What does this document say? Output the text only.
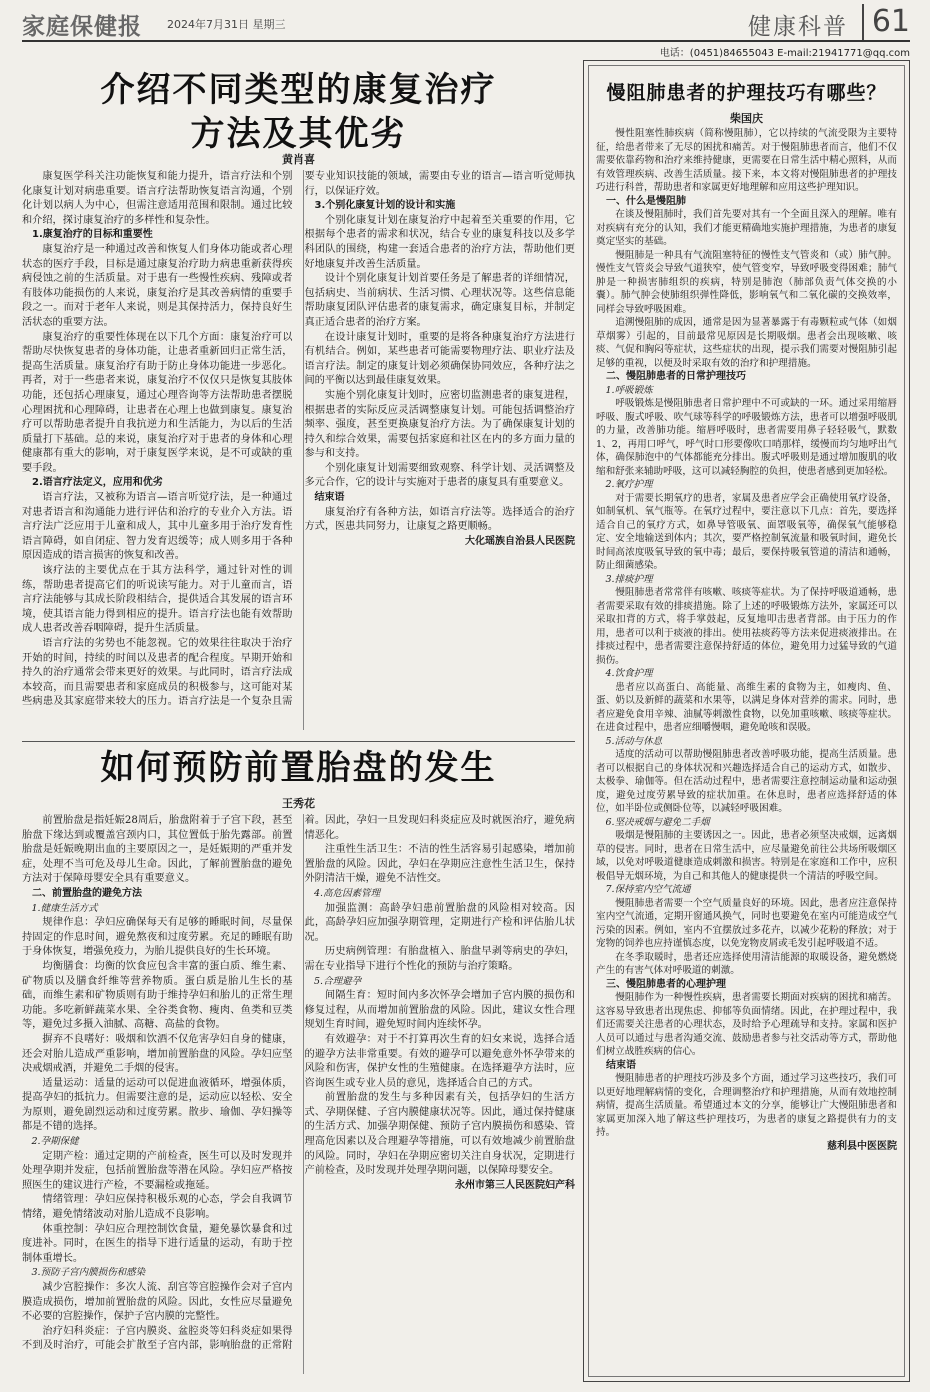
家庭保健报 2024年7月31日 星期三	健康科普 61
电话：(0451)84655043 E-mail:21941771@qq.com
介绍不同类型的康复治疗
方法及其优劣
黄肖喜

康复医学科关注功能恢复和能力提升，语言疗法和个别化康复计划对病患重要。语言疗法帮助恢复语言沟通，个别化计划以病人为中心，但需注意适用范围和限制。通过比较和介绍，探讨康复治疗的多样性和复杂性。

1.康复治疗的目标和重要性

康复治疗是一种通过改善和恢复人们身体功能或者心理状态的医疗手段，目标是通过康复治疗助力病患重新获得疾病侵蚀之前的生活质量。对于患有一些慢性疾病、残障或者有肢体功能损伤的人来说，康复治疗是其改善病情的重要手段之一。而对于老年人来说，则是其保持活力，保持良好生活状态的重要方法。

康复治疗的重要性体现在以下几个方面：康复治疗可以帮助尽快恢复患者的身体功能，让患者重新回归正常生活，提高生活质量。康复治疗有助于防止身体功能进一步恶化。再者，对于一些患者来说，康复治疗不仅仅只是恢复其肢体功能，还包括心理康复，通过心理咨询等方法帮助患者摆脱心理困扰和心理障碍，让患者在心理上也做到康复。康复治疗可以帮助患者提升自我抗逆力和生活能力，为以后的生活质量打下基础。总的来说，康复治疗对于患者的身体和心理健康都有重大的影响，对于康复医学来说，是不可或缺的重要手段。

2.语言疗法定义，应用和优劣

语言疗法，又被称为语言—语言听觉疗法，是一种通过对患者语言和沟通能力进行评估和治疗的专业介入方法。语言疗法广泛应用于儿童和成人，其中儿童多用于治疗发育性语言障碍，如自闭症、智力发育迟缓等；成人则多用于各种原因造成的语言损害的恢复和改善。

该疗法的主要优点在于其方法科学，通过针对性的训练，帮助患者提高它们的听说读写能力。对于儿童而言，语言疗法能够与其成长阶段相结合，提供适合其发展的语言环境，使其语言能力得到相应的提升。语言疗法也能有效帮助成人患者改善吞咽障碍，提升生活质量。

语言疗法的劣势也不能忽视。它的效果往往取决于治疗开始的时间，持续的时间以及患者的配合程度。早期开始和持久的治疗通常会带来更好的效果。与此同时，语言疗法成本较高，而且需要患者和家庭成员的积极参与，这可能对某些病患及其家庭带来较大的压力。语言疗法是一个复杂且需要专业知识技能的领域，需要由专业的语言—语言听觉师执行，以保证疗效。

3.个别化康复计划的设计和实施

个别化康复计划在康复治疗中起着至关重要的作用，它根据每个患者的需求和状况，结合专业的康复科技以及多学科团队的围绕，构建一套适合患者的治疗方法，帮助他们更好地康复并改善生活质量。

设计个别化康复计划首要任务是了解患者的详细情况，包括病史、当前病状、生活习惯、心理状况等。这些信息能帮助康复团队评估患者的康复需求，确定康复目标，并制定真正适合患者的治疗方案。

在设计康复计划时，重要的是将各种康复治疗方法进行有机结合。例如，某些患者可能需要物理疗法、职业疗法及语言疗法。制定的康复计划必须确保协同效应，各种疗法之间的平衡以达到最佳康复效果。

实施个别化康复计划时，应密切监测患者的康复进程，根据患者的实际反应灵活调整康复计划。可能包括调整治疗频率、强度，甚至更换康复治疗方法。为了确保康复计划的持久和综合效果，需要包括家庭和社区在内的多方面力量的参与和支持。

个别化康复计划需要细致观察、科学计划、灵活调整及多元合作，它的设计与实施对于患者的康复具有重要意义。

结束语

康复治疗有各种方法，如语言疗法等。选择适合的治疗方式，医患共同努力，让康复之路更顺畅。

大化瑶族自治县人民医院

如何预防前置胎盘的发生
王秀花

前置胎盘是指妊娠28周后，胎盘附着于子宫下段，甚至胎盘下缘达到或覆盖宫颈内口，其位置低于胎先露部。前置胎盘是妊娠晚期出血的主要原因之一，是妊娠期的严重并发症，处理不当可危及母儿生命。因此，了解前置胎盘的避免方法对于保障母婴安全具有重要意义。

二、前置胎盘的避免方法

1.健康生活方式

规律作息：孕妇应确保每天有足够的睡眠时间，尽量保持固定的作息时间，避免熬夜和过度劳累。充足的睡眠有助于身体恢复，增强免疫力，为胎儿提供良好的生长环境。

均衡膳食：均衡的饮食应包含丰富的蛋白质、维生素、矿物质以及膳食纤维等营养物质。蛋白质是胎儿生长的基础，而维生素和矿物质则有助于维持孕妇和胎儿的正常生理功能。多吃新鲜蔬菜水果、全谷类食物、瘦肉、鱼类和豆类等，避免过多摄入油腻、高糖、高盐的食物。

摒弃不良嗜好：吸烟和饮酒不仅危害孕妇自身的健康，还会对胎儿造成严重影响，增加前置胎盘的风险。孕妇应坚决戒烟戒酒，并避免二手烟的侵害。

适量运动：适量的运动可以促进血液循环，增强体质，提高孕妇的抵抗力。但需要注意的是，运动应以轻松、安全为原则，避免剧烈运动和过度劳累。散步、瑜伽、孕妇操等都是不错的选择。

2.孕期保健

定期产检：通过定期的产前检查，医生可以及时发现并处理孕期并发症，包括前置胎盘等潜在风险。孕妇应严格按照医生的建议进行产检，不要漏检或拖延。

情绪管理：孕妇应保持积极乐观的心态，学会自我调节情绪，避免情绪波动对胎儿造成不良影响。

体重控制：孕妇应合理控制饮食量，避免暴饮暴食和过度进补。同时，在医生的指导下进行适量的运动，有助于控制体重增长。

3.预防子宫内膜损伤和感染

减少宫腔操作：多次人流、刮宫等宫腔操作会对子宫内膜造成损伤，增加前置胎盘的风险。因此，女性应尽量避免不必要的宫腔操作，保护子宫内膜的完整性。

治疗妇科炎症：子宫内膜炎、盆腔炎等妇科炎症如果得不到及时治疗，可能会扩散至子宫内部，影响胎盘的正常附着。因此，孕妇一旦发现妇科炎症应及时就医治疗，避免病情恶化。

注重性生活卫生：不洁的性生活容易引起感染，增加前置胎盘的风险。因此，孕妇在孕期应注意性生活卫生，保持外阴清洁干燥，避免不洁性交。

4.高危因素管理

加强监测：高龄孕妇患前置胎盘的风险相对较高。因此，高龄孕妇应加强孕期管理，定期进行产检和评估胎儿状况。

历史病例管理：有胎盘植入、胎盘早剥等病史的孕妇，需在专业指导下进行个性化的预防与治疗策略。

5.合理避孕

间隔生育：短时间内多次怀孕会增加子宫内膜的损伤和修复过程，从而增加前置胎盘的风险。因此，建议女性合理规划生育时间，避免短时间内连续怀孕。

有效避孕：对于不打算再次生育的妇女来说，选择合适的避孕方法非常重要。有效的避孕可以避免意外怀孕带来的风险和伤害，保护女性的生殖健康。在选择避孕方法时，应咨询医生或专业人员的意见，选择适合自己的方式。

前置胎盘的发生与多种因素有关，包括孕妇的生活方式、孕期保健、子宫内膜健康状况等。因此，通过保持健康的生活方式、加强孕期保健、预防子宫内膜损伤和感染、管理高危因素以及合理避孕等措施，可以有效地减少前置胎盘的风险。同时，孕妇在孕期应密切关注自身状况，定期进行产前检查，及时发现并处理孕期问题，以保障母婴安全。

永州市第三人民医院妇产科

慢阻肺患者的护理技巧有哪些？
柴国庆

慢性阻塞性肺疾病（简称慢阻肺），它以持续的气流受限为主要特征，给患者带来了无尽的困扰和痛苦。对于慢阻肺患者而言，他们不仅需要依靠药物和治疗来维持健康，更需要在日常生活中精心照料，从而有效管理疾病、改善生活质量。接下来，本文将对慢阻肺患者的护理技巧进行科普，帮助患者和家属更好地理解和应用这些护理知识。

一、什么是慢阻肺

在谈及慢阻肺时，我们首先要对其有一个全面且深入的理解。唯有对疾病有充分的认知，我们才能更精确地实施护理措施，为患者的康复奠定坚实的基础。

慢阻肺是一种具有气流阻塞特征的慢性支气管炎和（或）肺气肿。慢性支气管炎会导致气道狭窄，使气管变窄，导致呼吸变得困难；肺气肿是一种损害肺组织的疾病，特别是肺泡（肺部负责气体交换的小囊）。肺气肿会使肺组织弹性降低，影响氧气和二氧化碳的交换效率，同样会导致呼吸困难。

追溯慢阻肺的成因，通常是因为显著暴露于有毒颗粒或气体（如烟草烟雾）引起的，目前最常见原因是长期吸烟。患者会出现咳嗽、咳痰、气促和胸闷等症状，这些症状的出现，提示我们需要对慢阻肺引起足够的重视，以便及时采取有效的治疗和护理措施。

二、慢阻肺患者的日常护理技巧

1.呼吸锻炼

呼吸锻炼是慢阻肺患者日常护理中不可或缺的一环。通过采用缩唇呼吸、腹式呼吸、吹气球等科学的呼吸锻炼方法，患者可以增强呼吸肌的力量，改善肺功能。缩唇呼吸时，患者需要用鼻子轻轻吸气，默数1、2，再用口呼气，呼气时口形要像吹口哨那样，缓慢而均匀地呼出气体，确保肺泡中的气体都能充分排出。腹式呼吸则是通过增加腹肌的收缩和舒张来辅助呼吸，这可以减轻胸腔的负担，使患者感到更加轻松。

2.氧疗护理

对于需要长期氧疗的患者，家属及患者应学会正确使用氧疗设备，如制氧机、氧气瓶等。在氧疗过程中，要注意以下几点：首先，要选择适合自己的氧疗方式，如鼻导管吸氧、面罩吸氧等，确保氧气能够稳定、安全地输送到体内；其次，要严格控制氧流量和吸氧时间，避免长时间高浓度吸氧导致的氧中毒；最后，要保持吸氧管道的清洁和通畅，防止细菌感染。

3.排痰护理

慢阻肺患者常常伴有咳嗽、咳痰等症状。为了保持呼吸道通畅，患者需要采取有效的排痰措施。除了上述的呼吸锻炼方法外，家属还可以采取扣背的方式，将手掌鼓起，反复地叩击患者背部。由于压力的作用，患者可以利于痰液的排出。使用祛痰药等方法来促进痰液排出。在排痰过程中，患者需要注意保持舒适的体位，避免用力过猛导致的气道损伤。

4.饮食护理

患者应以高蛋白、高能量、高维生素的食物为主，如瘦肉、鱼、蛋、奶以及新鲜的蔬菜和水果等，以满足身体对营养的需求。同时，患者应避免食用辛辣、油腻等刺激性食物，以免加重咳嗽、咳痰等症状。在进食过程中，患者应细嚼慢咽，避免呛咳和误吸。

5.活动与休息

适度的活动可以帮助慢阻肺患者改善呼吸功能，提高生活质量。患者可以根据自己的身体状况和兴趣选择适合自己的运动方式，如散步、太极拳、瑜伽等。但在活动过程中，患者需要注意控制运动量和运动强度，避免过度劳累导致的症状加重。在休息时，患者应选择舒适的体位，如半卧位或侧卧位等，以减轻呼吸困难。

6.坚决戒烟与避免二手烟

吸烟是慢阻肺的主要诱因之一。因此，患者必须坚决戒烟，远离烟草的侵害。同时，患者在日常生活中，应尽量避免前往公共场所吸烟区域，以免对呼吸道健康造成刺激和损害。特别是在家庭和工作中，应积极倡导无烟环境，为自己和其他人的健康提供一个清洁的呼吸空间。

7.保持室内空气流通

慢阻肺患者需要一个空气质量良好的环境。因此，患者应注意保持室内空气流通，定期开窗通风换气，同时也要避免在室内可能造成空气污染的因素。例如，室内不宜摆放过多花卉，以减少花粉的释放；对于宠物的饲养也应持谨慎态度，以免宠物皮屑或毛发引起呼吸道不适。

在冬季取暖时，患者还应选择使用清洁能源的取暖设备，避免燃烧产生的有害气体对呼吸道的刺激。

三、慢阻肺患者的心理护理

慢阻肺作为一种慢性疾病，患者需要长期面对疾病的困扰和痛苦。这容易导致患者出现焦虑、抑郁等负面情绪。因此，在护理过程中，我们还需要关注患者的心理状态，及时给予心理疏导和支持。家属和医护人员可以通过与患者沟通交流、鼓励患者参与社交活动等方式，帮助他们树立战胜疾病的信心。

结束语

慢阻肺患者的护理技巧涉及多个方面，通过学习这些技巧，我们可以更好地理解病情的变化，合理调整治疗和护理措施，从而有效地控制病情，提高生活质量。希望通过本文的分享，能够让广大慢阻肺患者和家属更加深入地了解这些护理技巧，为患者的康复之路提供有力的支持。

慈利县中医医院
